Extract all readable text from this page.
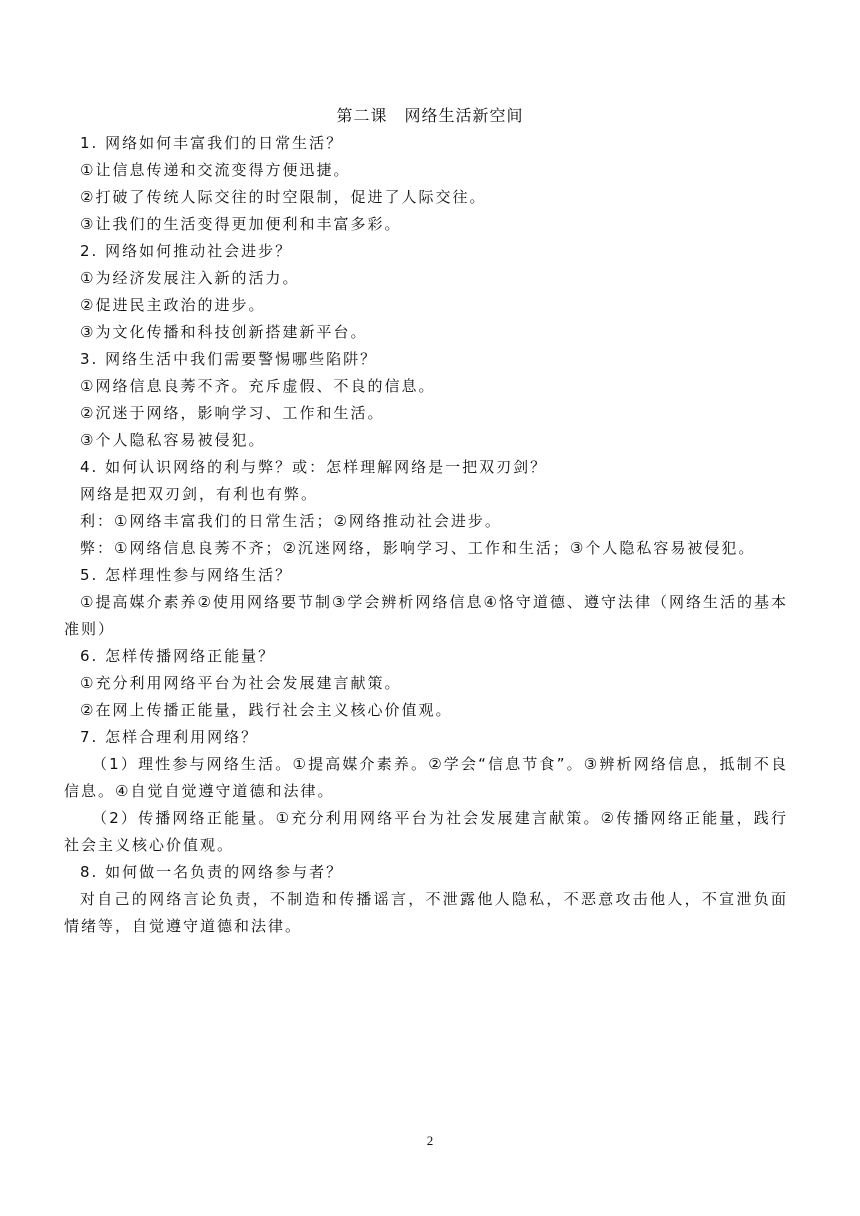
第二课　网络生活新空间

1. 网络如何丰富我们的日常生活？

①让信息传递和交流变得方便迅捷。

②打破了传统人际交往的时空限制，促进了人际交往。

③让我们的生活变得更加便利和丰富多彩。

2. 网络如何推动社会进步？

①为经济发展注入新的活力。

②促进民主政治的进步。

③为文化传播和科技创新搭建新平台。

3. 网络生活中我们需要警惕哪些陷阱？

①网络信息良莠不齐。充斥虚假、不良的信息。

②沉迷于网络，影响学习、工作和生活。

③个人隐私容易被侵犯。

4. 如何认识网络的利与弊？或：怎样理解网络是一把双刃剑？

网络是把双刃剑，有利也有弊。

利：①网络丰富我们的日常生活；②网络推动社会进步。

弊：①网络信息良莠不齐；②沉迷网络，影响学习、工作和生活；③个人隐私容易被侵犯。

5. 怎样理性参与网络生活？

①提高媒介素养②使用网络要节制③学会辨析网络信息④恪守道德、遵守法律（网络生活的基本准则）

6. 怎样传播网络正能量？

①充分利用网络平台为社会发展建言献策。

②在网上传播正能量，践行社会主义核心价值观。

7. 怎样合理利用网络？

（1）理性参与网络生活。①提高媒介素养。②学会“信息节食”。③辨析网络信息，抵制不良信息。④自觉自觉遵守道德和法律。

（2）传播网络正能量。①充分利用网络平台为社会发展建言献策。②传播网络正能量，践行社会主义核心价值观。

8. 如何做一名负责的网络参与者？

对自己的网络言论负责，不制造和传播谣言，不泄露他人隐私，不恶意攻击他人，不宣泄负面情绪等，自觉遵守道德和法律。

2
